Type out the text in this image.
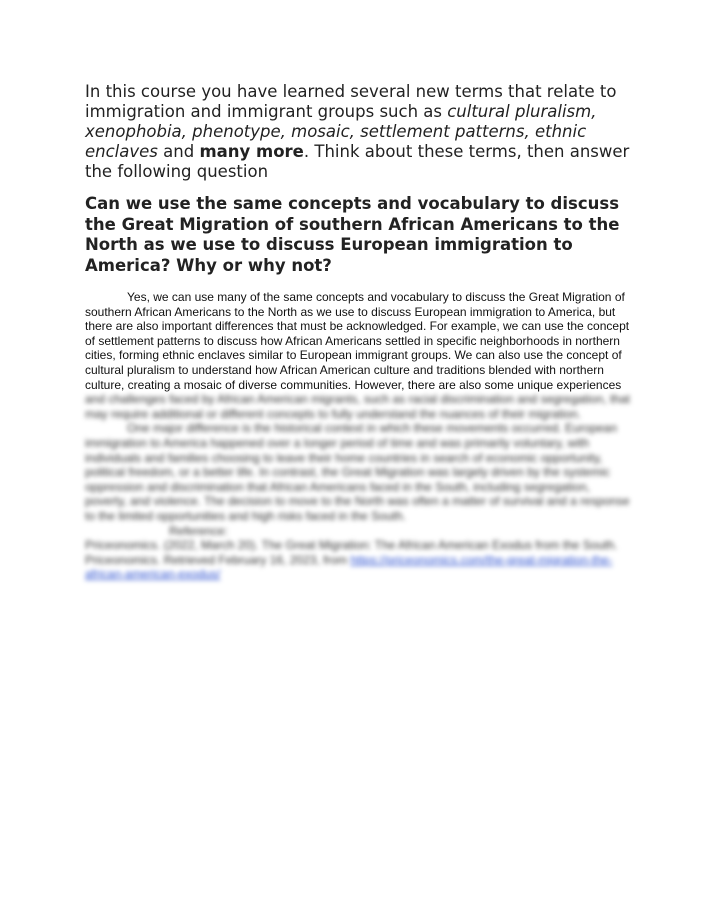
In this course you have learned several new terms that relate to immigration and immigrant groups such as cultural pluralism, xenophobia, phenotype, mosaic, settlement patterns, ethnic enclaves and many more. Think about these terms, then answer the following question

Can we use the same concepts and vocabulary to discuss the Great Migration of southern African Americans to the North as we use to discuss European immigration to America? Why or why not?

Yes, we can use many of the same concepts and vocabulary to discuss the Great Migration of southern African Americans to the North as we use to discuss European immigration to America, but there are also important differences that must be acknowledged. For example, we can use the concept of settlement patterns to discuss how African Americans settled in specific neighborhoods in northern cities, forming ethnic enclaves similar to European immigrant groups. We can also use the concept of cultural pluralism to understand how African American culture and traditions blended with northern culture, creating a mosaic of diverse communities. However, there are also some unique experiences and challenges faced by African American migrants, such as racial discrimination and segregation, that may require additional or different concepts to fully understand the nuances of their migration.

One major difference is the historical context in which these movements occurred. European immigration to America happened over a longer period of time and was primarily voluntary, with individuals and families choosing to leave their home countries in search of economic opportunity, political freedom, or a better life. In contrast, the Great Migration was largely driven by the systemic oppression and discrimination that African Americans faced in the South, including segregation, poverty, and violence. The decision to move to the North was often a matter of survival and a response to the limited opportunities and high risks faced in the South.

Reference:

Priceonomics. (2022, March 20). The Great Migration: The African American Exodus from the South. Priceonomics. Retrieved February 16, 2023, from https://priceonomics.com/the-great-migration-the-african-american-exodus/
